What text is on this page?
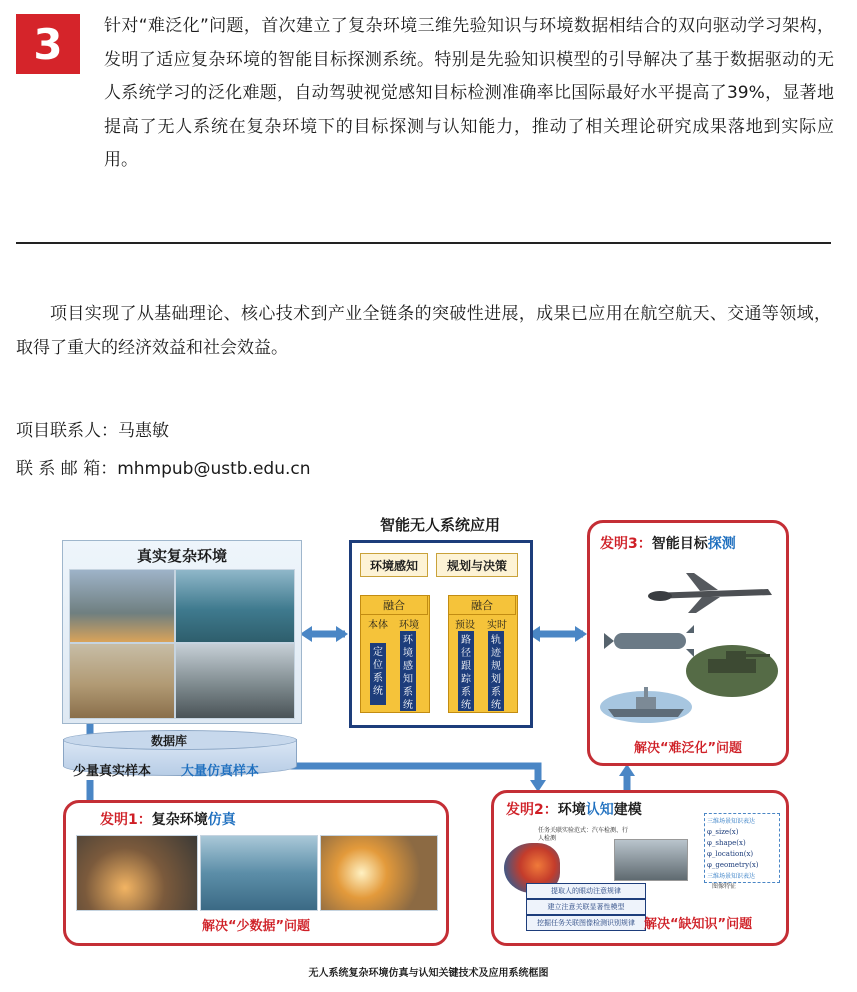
3	针对“难泛化”问题，首次建立了复杂环境三维先验知识与环境数据相结合的双向驱动学习架构，发明了适应复杂环境的智能目标探测系统。特别是先验知识模型的引导解决了基于数据驱动的无人系统学习的泛化难题，自动驾驶视觉感知目标检测准确率比国际最好水平提高了39%，显著地提高了无人系统在复杂环境下的目标探测与认知能力，推动了相关理论研究成果落地到实际应用。
项目实现了从基础理论、核心技术到产业全链条的突破性进展，成果已应用在航空航天、交通等领域，取得了重大的经济效益和社会效益。
项目联系人：马惠敏
联 系 邮 箱：mhmpub@ustb.edu.cn
真实复杂环境
智能无人系统应用
环境感知	规划与决策
融合	融合
本体	环境	预设	实时
定
位
系
统
环
境
感
知
系
统
路
径
跟
踪
系
统
轨
迹
规
划
系
统
发明3：智能目标探测
解决“难泛化”问题
数据库
少量真实样本 大量仿真样本
发明1：复杂环境仿真
解决“少数据”问题
发明2：环境认知建模
任务关联实验范式：汽车检测、行人检测
提取人的眼动注意规律
建立注意关联显著性模型
挖掘任务关联图像检测识别规律
三维场景知识表达
φ_size(x)
φ_shape(x)
φ_location(x)
φ_geometry(x)
三维场景知识表达
图像特征
解决“缺知识”问题
无人系统复杂环境仿真与认知关键技术及应用系统框图
